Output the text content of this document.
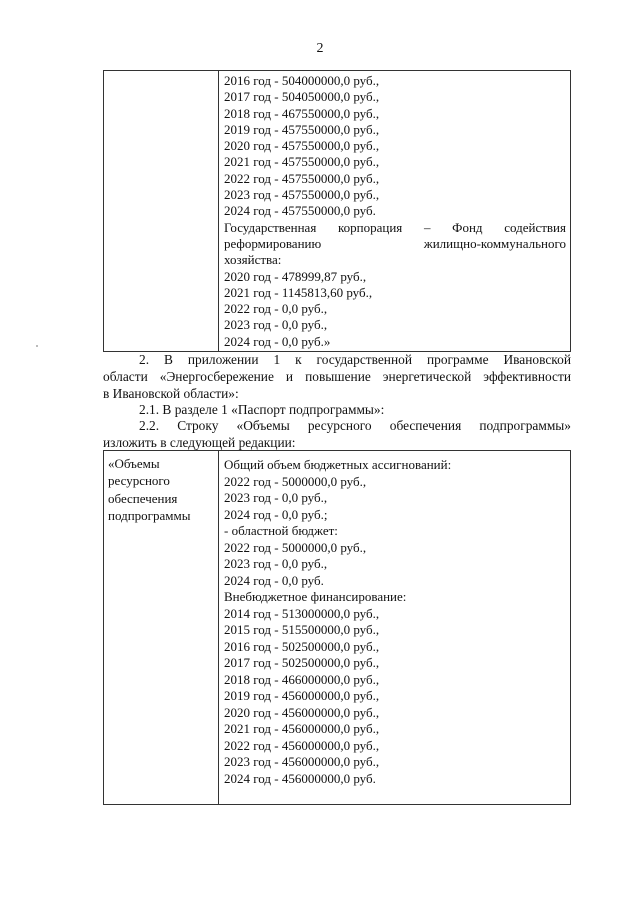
2
2016 год - 504000000,0 руб.,
2017 год - 504050000,0 руб.,
2018 год - 467550000,0 руб.,
2019 год - 457550000,0 руб.,
2020 год - 457550000,0 руб.,
2021 год - 457550000,0 руб.,
2022 год - 457550000,0 руб.,
2023 год - 457550000,0 руб.,
2024 год - 457550000,0 руб.
Государственная корпорация – Фонд содействия
реформированию жилищно-коммунального
хозяйства:
2020 год - 478999,87 руб.,
2021 год - 1145813,60 руб.,
2022 год - 0,0 руб.,
2023 год - 0,0 руб.,
2024 год - 0,0 руб.»
2. В приложении 1 к государственной программе Ивановской
области «Энергосбережение и повышение энергетической эффективности
в Ивановской области»:
2.1. В разделе 1 «Паспорт подпрограммы»:
2.2. Строку «Объемы ресурсного обеспечения подпрограммы»
изложить в следующей редакции:
«Объемы
ресурсного
обеспечения
подпрограммы
Общий объем бюджетных ассигнований:
2022 год - 5000000,0 руб.,
2023 год - 0,0 руб.,
2024 год - 0,0 руб.;
- областной бюджет:
2022 год - 5000000,0 руб.,
2023 год - 0,0 руб.,
2024 год - 0,0 руб.
Внебюджетное финансирование:
2014 год - 513000000,0 руб.,
2015 год - 515500000,0 руб.,
2016 год - 502500000,0 руб.,
2017 год - 502500000,0 руб.,
2018 год - 466000000,0 руб.,
2019 год - 456000000,0 руб.,
2020 год - 456000000,0 руб.,
2021 год - 456000000,0 руб.,
2022 год - 456000000,0 руб.,
2023 год - 456000000,0 руб.,
2024 год - 456000000,0 руб.
